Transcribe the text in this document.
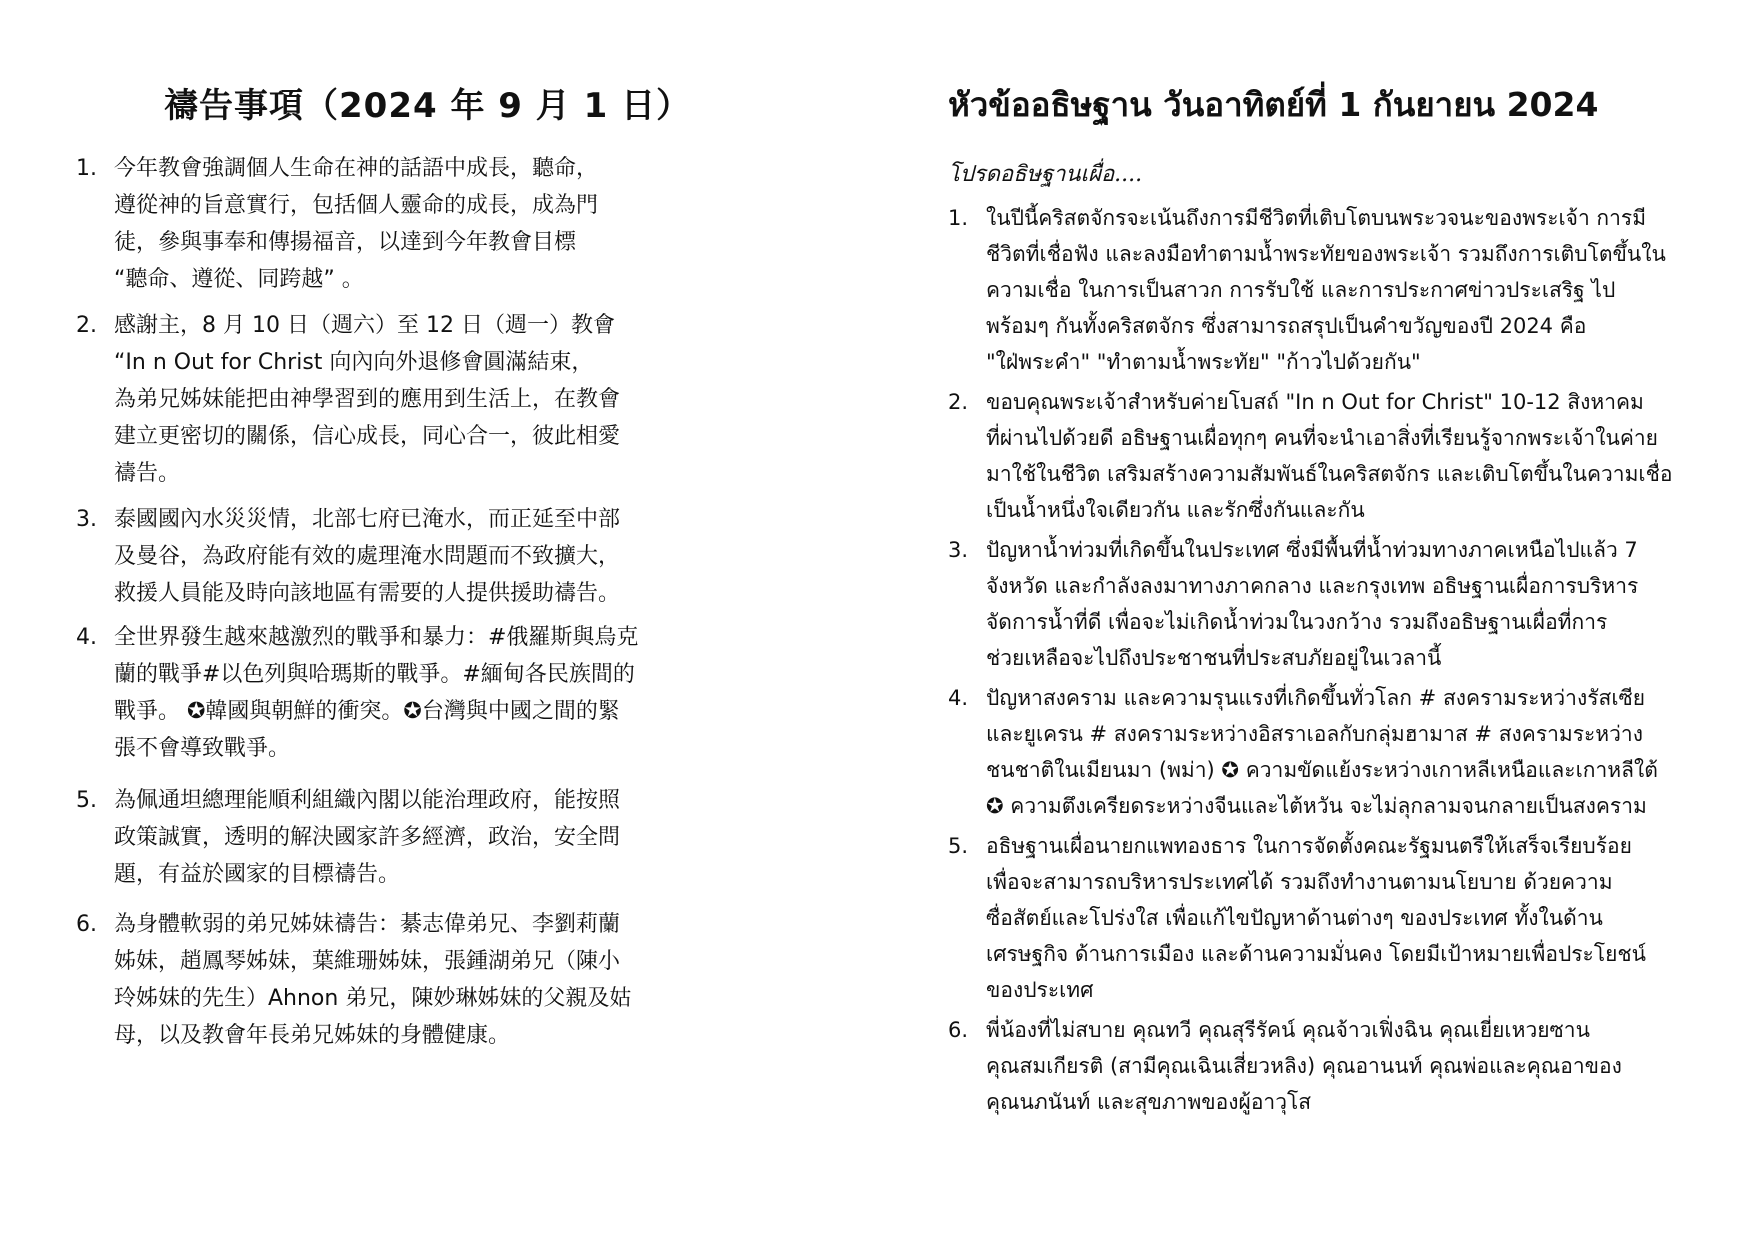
禱告事項（2024 年 9 月 1 日）
1. 今年教會強調個人生命在神的話語中成長，聽命，
遵從神的旨意實行，包括個人靈命的成長，成為門
徒，參與事奉和傳揚福音，以達到今年教會目標
“聽命、遵從、同跨越” 。
2. 感謝主，8 月 10 日（週六）至 12 日（週一）教會
“In n Out for Christ 向內向外退修會圓滿結束，
為弟兄姊妹能把由神學習到的應用到生活上，在教會
建立更密切的關係，信心成長，同心合一，彼此相愛
禱告。
3. 泰國國內水災災情，北部七府已淹水，而正延至中部
及曼谷，為政府能有效的處理淹水問題而不致擴大，
救援人員能及時向該地區有需要的人提供援助禱告。
4. 全世界發生越來越激烈的戰爭和暴力：#俄羅斯與烏克
蘭的戰爭#以色列與哈瑪斯的戰爭。#緬甸各民族間的
戰爭。 ✪韓國與朝鮮的衝突。✪台灣與中國之間的緊
張不會導致戰爭。
5. 為佩通坦總理能順利組織內閣以能治理政府，能按照
政策誠實，透明的解決國家許多經濟，政治，安全問
題，有益於國家的目標禱告。
6. 為身體軟弱的弟兄姊妹禱告：綦志偉弟兄、李劉莉蘭
姊妹，趙鳳琴姊妹，葉維珊姊妹，張鍾湖弟兄（陳小
玲姊妹的先生）Ahnon 弟兄，陳妙琳姊妹的父親及姑
母，以及教會年長弟兄姊妹的身體健康。
หัวข้ออธิษฐาน วันอาทิตย์ที่ 1 กันยายน 2024
โปรดอธิษฐานเผื่อ....
1. ในปีนี้คริสตจักรจะเน้นถึงการมีชีวิตที่เติบโตบนพระวจนะของพระเจ้า การมี
ชีวิตที่เชื่อฟัง และลงมือทำตามน้ำพระทัยของพระเจ้า รวมถึงการเติบโตขึ้นใน
ความเชื่อ ในการเป็นสาวก การรับใช้ และการประกาศข่าวประเสริฐ ไป
พร้อมๆ กันทั้งคริสตจักร ซึ่งสามารถสรุปเป็นคำขวัญของปี 2024 คือ
"ใฝ่พระคำ" "ทำตามน้ำพระทัย" "ก้าวไปด้วยกัน"
2. ขอบคุณพระเจ้าสำหรับค่ายโบสถ์ "In n Out for Christ" 10-12 สิงหาคม
ที่ผ่านไปด้วยดี อธิษฐานเผื่อทุกๆ คนที่จะนำเอาสิ่งที่เรียนรู้จากพระเจ้าในค่าย
มาใช้ในชีวิต เสริมสร้างความสัมพันธ์ในคริสตจักร และเติบโตขึ้นในความเชื่อ
เป็นน้ำหนึ่งใจเดียวกัน และรักซึ่งกันและกัน
3. ปัญหาน้ำท่วมที่เกิดขึ้นในประเทศ ซึ่งมีพื้นที่น้ำท่วมทางภาคเหนือไปแล้ว 7
จังหวัด และกำลังลงมาทางภาคกลาง และกรุงเทพ อธิษฐานเผื่อการบริหาร
จัดการน้ำที่ดี เพื่อจะไม่เกิดน้ำท่วมในวงกว้าง รวมถึงอธิษฐานเผื่อที่การ
ช่วยเหลือจะไปถึงประชาชนที่ประสบภัยอยู่ในเวลานี้
4. ปัญหาสงคราม และความรุนแรงที่เกิดขึ้นทั่วโลก # สงครามระหว่างรัสเซีย
และยูเครน # สงครามระหว่างอิสราเอลกับกลุ่มฮามาส # สงครามระหว่าง
ชนชาติในเมียนมา (พม่า) ✪ ความขัดแย้งระหว่างเกาหลีเหนือและเกาหลีใต้
✪ ความตึงเครียดระหว่างจีนและไต้หวัน จะไม่ลุกลามจนกลายเป็นสงคราม
5. อธิษฐานเผื่อนายกแพทองธาร ในการจัดตั้งคณะรัฐมนตรีให้เสร็จเรียบร้อย
เพื่อจะสามารถบริหารประเทศได้ รวมถึงทำงานตามนโยบาย ด้วยความ
ซื่อสัตย์และโปร่งใส เพื่อแก้ไขปัญหาด้านต่างๆ ของประเทศ ทั้งในด้าน
เศรษฐกิจ ด้านการเมือง และด้านความมั่นคง โดยมีเป้าหมายเพื่อประโยชน์
ของประเทศ
6. พี่น้องที่ไม่สบาย คุณทวี คุณสุรีรัคน์ คุณจ้าวเฟิ่งฉิน คุณเยี่ยเหวยซาน
คุณสมเกียรติ (สามีคุณเฉินเสี่ยวหลิง) คุณอานนท์ คุณพ่อและคุณอาของ
คุณนภนันท์ และสุขภาพของผู้อาวุโส
